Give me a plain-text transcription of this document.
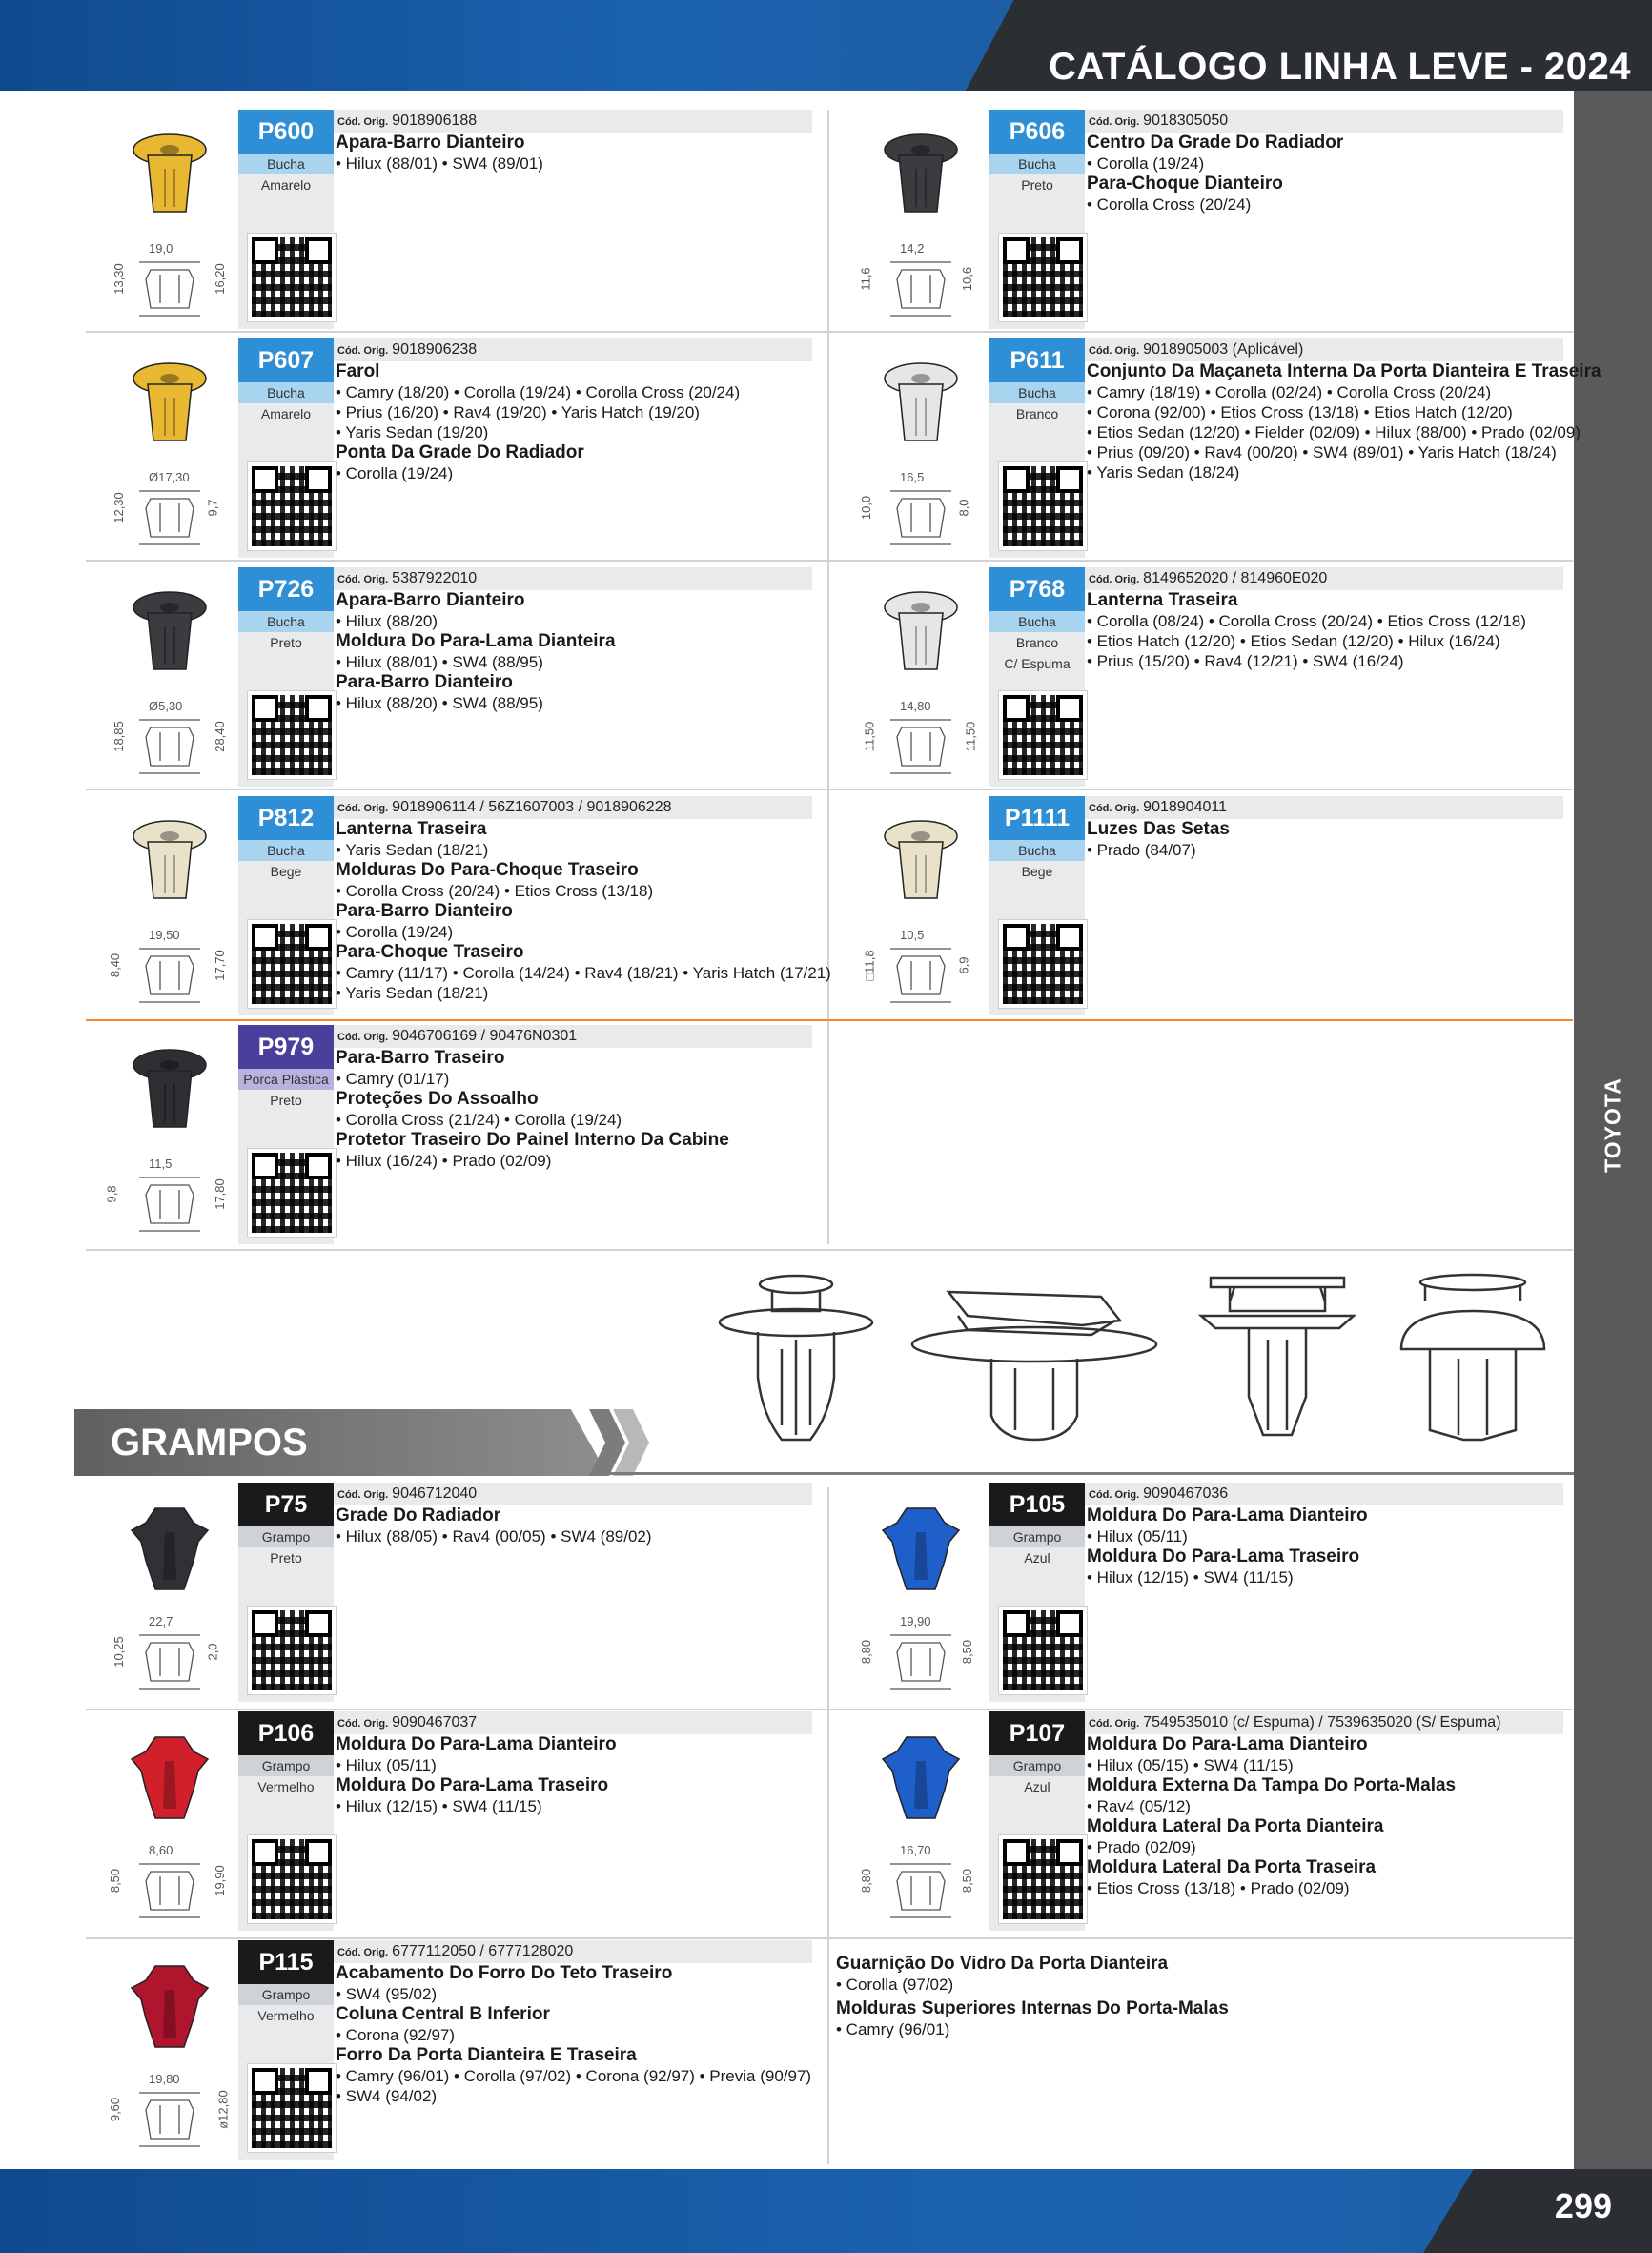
CATÁLOGO LINHA LEVE - 2024
TOYOTA
19,0
13,30	16,20
P600
Bucha
Amarelo
Cód. Orig. 9018906188
Apara-Barro Dianteiro
• Hilux (88/01) • SW4 (89/01)
14,2
11,6	10,6
P606
Bucha
Preto
Cód. Orig. 9018305050
Centro Da Grade Do Radiador
• Corolla (19/24)
Para-Choque Dianteiro
• Corolla Cross (20/24)
Ø17,30
12,30	9,7
P607
Bucha
Amarelo
Cód. Orig. 9018906238
Farol
• Camry (18/20) • Corolla (19/24) • Corolla Cross (20/24)
• Prius (16/20) • Rav4 (19/20) • Yaris Hatch (19/20)
• Yaris Sedan (19/20)
Ponta Da Grade Do Radiador
• Corolla (19/24)	16,5
10,0	8,0
P611
Bucha
Branco
Cód. Orig. 9018905003 (Aplicável)
Conjunto Da Maçaneta Interna Da Porta Dianteira E Traseira
• Camry (18/19) • Corolla (02/24) • Corolla Cross (20/24)
• Corona (92/00) • Etios Cross (13/18) • Etios Hatch (12/20)
• Etios Sedan (12/20) • Fielder (02/09) • Hilux (88/00) • Prado (02/09)
• Prius (09/20) • Rav4 (00/20) • SW4 (89/01) • Yaris Hatch (18/24)
• Yaris Sedan (18/24)
Ø5,30
18,85	28,40
P726
Bucha
Preto
Cód. Orig. 5387922010
Apara-Barro Dianteiro
• Hilux (88/20)
Moldura Do Para-Lama Dianteira
• Hilux (88/01) • SW4 (88/95)
Para-Barro Dianteiro
• Hilux (88/20) • SW4 (88/95)	14,80
11,50	11,50
P768
Bucha
Branco
C/ Espuma
Cód. Orig. 8149652020 / 814960E020
Lanterna Traseira
• Corolla (08/24) • Corolla Cross (20/24) • Etios Cross (12/18)
• Etios Hatch (12/20) • Etios Sedan (12/20) • Hilux (16/24)
• Prius (15/20) • Rav4 (12/21) • SW4 (16/24)
19,50
8,40	17,70
P812
Bucha
Bege
Cód. Orig. 9018906114 / 56Z1607003 / 9018906228
Lanterna Traseira
• Yaris Sedan (18/21)
Molduras Do Para-Choque Traseiro
• Corolla Cross (20/24) • Etios Cross (13/18)
Para-Barro Dianteiro
• Corolla (19/24)
Para-Choque Traseiro
• Camry (11/17) • Corolla (14/24) • Rav4 (18/21) • Yaris Hatch (17/21)
• Yaris Sedan (18/21)
10,5
□11,8	6,9
P1111
Bucha
Bege
Cód. Orig. 9018904011
Luzes Das Setas
• Prado (84/07)
11,5
9,8	17,80
P979
Porca Plástica
Preto
Cód. Orig. 9046706169 / 90476N0301
Para-Barro Traseiro
• Camry (01/17)
Proteções Do Assoalho
• Corolla Cross (21/24) • Corolla (19/24)
Protetor Traseiro Do Painel Interno Da Cabine
• Hilux (16/24) • Prado (02/09)
22,7
10,25	2,0
P75
Grampo
Preto
Cód. Orig. 9046712040
Grade Do Radiador
• Hilux (88/05) • Rav4 (00/05) • SW4 (89/02)
19,90
8,80	8,50
P105
Grampo
Azul
Cód. Orig. 9090467036
Moldura Do Para-Lama Dianteiro
• Hilux (05/11)
Moldura Do Para-Lama Traseiro
• Hilux (12/15) • SW4 (11/15)
8,60
8,50	19,90
P106
Grampo
Vermelho
Cód. Orig. 9090467037
Moldura Do Para-Lama Dianteiro
• Hilux (05/11)
Moldura Do Para-Lama Traseiro
• Hilux (12/15) • SW4 (11/15)
16,70
8,80	8,50
P107
Grampo
Azul
Cód. Orig. 7549535010 (c/ Espuma) / 7539635020 (S/ Espuma)
Moldura Do Para-Lama Dianteiro
• Hilux (05/15) • SW4 (11/15)
Moldura Externa Da Tampa Do Porta-Malas
• Rav4 (05/12)
Moldura Lateral Da Porta Dianteira
• Prado (02/09)
Moldura Lateral Da Porta Traseira
• Etios Cross (13/18) • Prado (02/09)
19,80
9,60	ø12,80
P115
Grampo
Vermelho
Cód. Orig. 6777112050 / 6777128020
Acabamento Do Forro Do Teto Traseiro
• SW4 (95/02)
Coluna Central B Inferior
• Corona (92/97)
Forro Da Porta Dianteira E Traseira
• Camry (96/01) • Corolla (97/02) • Corona (92/97) • Previa (90/97)
• SW4 (94/02)
Guarnição Do Vidro Da Porta Dianteira
• Corolla (97/02)
Molduras Superiores Internas Do Porta-Malas
• Camry (96/01)
GRAMPOS
299
